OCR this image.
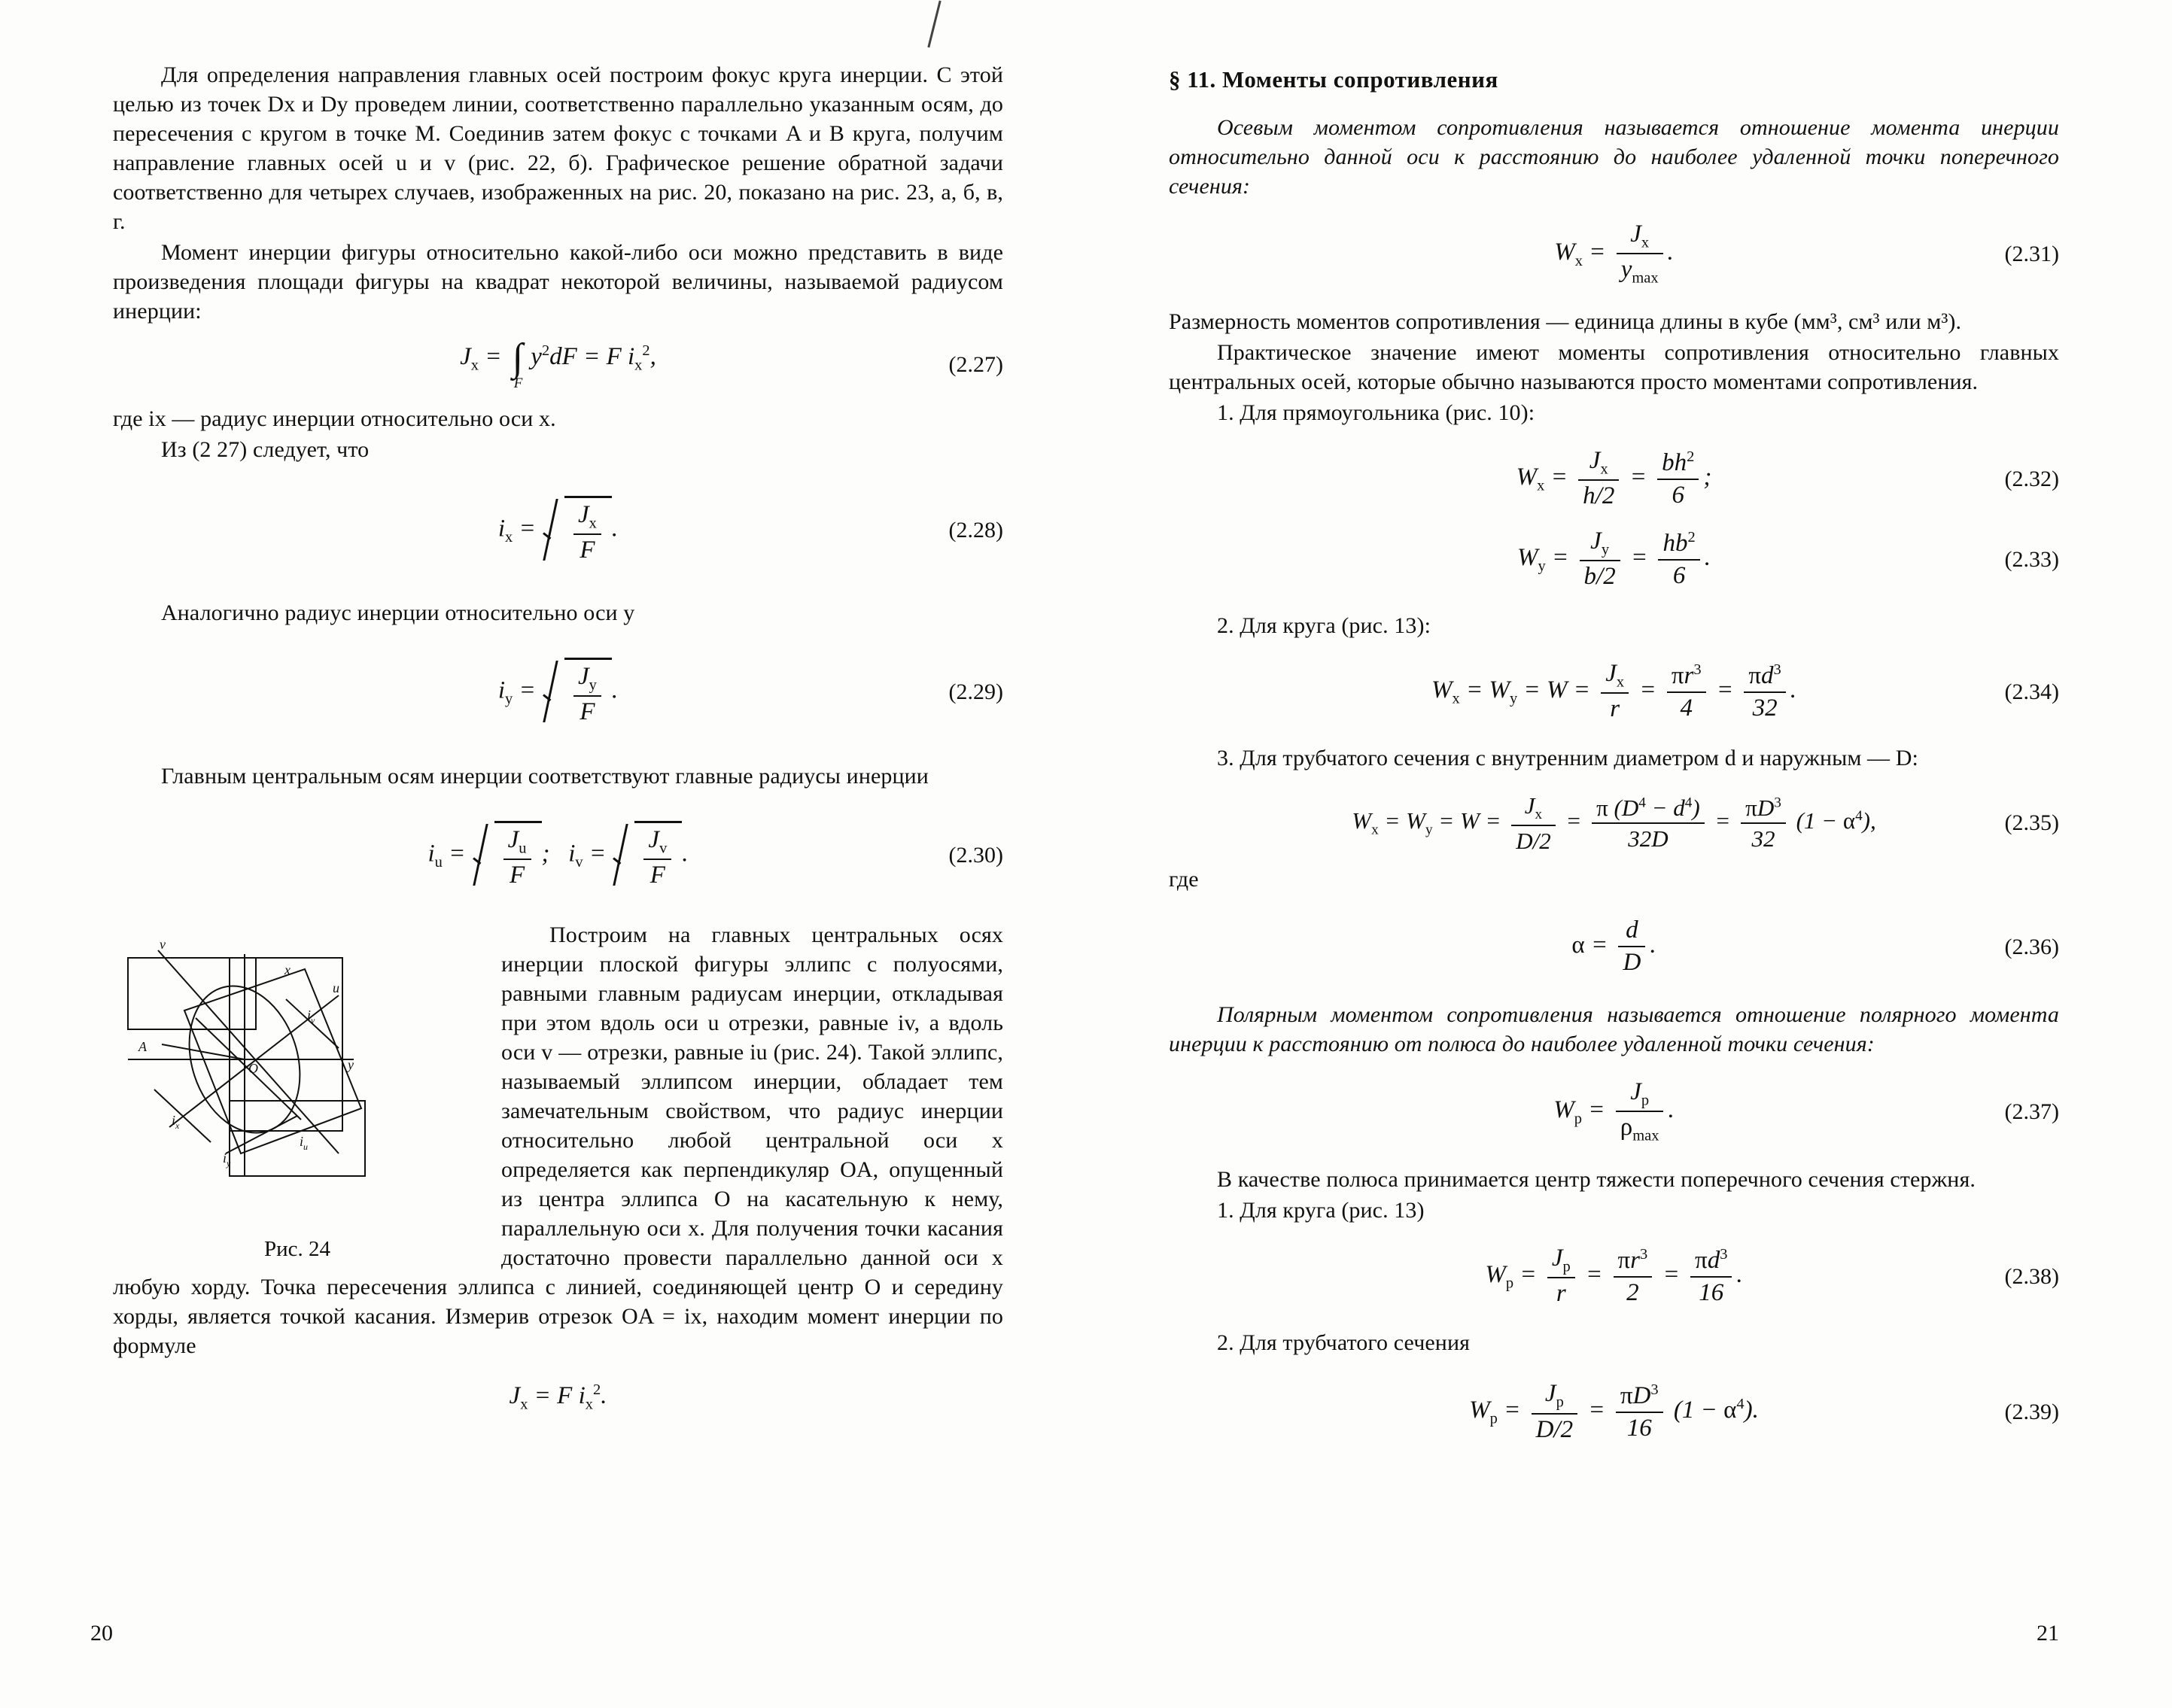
Для определения направления главных осей построим фокус круга инерции. С этой целью из точек Dx и Dy проведем линии, соответственно параллельно указанным осям, до пересечения с кругом в точке M. Соединив затем фокус с точками A и B круга, получим направление главных осей u и v (рис. 22, б). Графическое решение обратной задачи соответственно для четырех случаев, изображенных на рис. 20, показано на рис. 23, а, б, в, г.

Момент инерции фигуры относительно какой-либо оси можно представить в виде произведения площади фигуры на квадрат некоторой величины, называемой радиусом инерции:

$J_x$ = ∫
F
$y^2dF = F$ $i_x^2$,	(2.27)

где ix — радиус инерции относительно оси x.

Из (2 27) следует, что

$i_x = \frac{J_x}{F}$ .	(2.28)

Аналогично радиус инерции относительно оси y

$i_y = \frac{J_y}{F}$ .	(2.29)

Главным центральным осям инерции соответствуют главные радиусы инерции

$i_u = \frac{J_u}{F}$ ;   $i_v = \frac{J_v}{F}$ .	(2.30)
v
x
u
A
O
$i_x$
$i_y$
$i_u$
$i_v$
y
Рис. 24

Построим на главных центральных осях инерции плоской фигуры эллипс с полуосями, равными главным радиусам инерции, откладывая при этом вдоль оси u отрезки, равные iv, а вдоль оси v — отрезки, равные iu (рис. 24). Такой эллипс, называемый эллипсом инерции, обладает тем замечательным свойством, что радиус инерции относительно любой центральной оси x определяется как перпендикуляр OA, опущенный из центра эллипса O на касательную к нему, параллельную оси x. Для получения точки касания достаточно провести параллельно данной оси x любую хорду. Точка пересечения эллипса с линией, соединяющей центр O и середину хорды, является точкой касания. Измерив отрезок OA = ix, находим момент инерции по формуле

$J_x = F$ $i_x^2$.
20
§ 11. Моменты сопротивления

Осевым моментом сопротивления называется отношение момента инерции относительно данной оси к расстоянию до наиболее удаленной точки поперечного сечения:

$W_x = \frac{J_x}{y_{max}}$ .	(2.31)

Размерность моментов сопротивления — единица длины в кубе (мм³, см³ или м³).

Практическое значение имеют моменты сопротивления относительно главных центральных осей, которые обычно называются просто моментами сопротивления.

1. Для прямоугольника (рис. 10):

$W_x = \frac{J_x}{h/2} = \frac{bh^2}{6}$ ;	(2.32)
$W_y = \frac{J_y}{b/2} = \frac{hb^2}{6}$ .	(2.33)

2. Для круга (рис. 13):

$W_x = W_y = W = \frac{J_x}{r} = \frac{\pi r^3}{4} = \frac{\pi d^3}{32}$ .	(2.34)

3. Для трубчатого сечения с внутренним диаметром d и наружным — D:

$W_x = W_y = W = \frac{J_x}{D/2} = \frac{\pi (D^4 - d^4)}{32D} = \frac{\pi D^3}{32} (1 - \alpha^4)$,	(2.35)

где

$\alpha = \frac{d}{D}$ .	(2.36)

Полярным моментом сопротивления называется отношение полярного момента инерции к расстоянию от полюса до наиболее удаленной точки сечения:

$W_p = \frac{J_p}{\rho_{max}}$ .	(2.37)

В качестве полюса принимается центр тяжести поперечного сечения стержня.

1. Для круга (рис. 13)

$W_p = \frac{J_p}{r} = \frac{\pi r^3}{2} = \frac{\pi d^3}{16}$ .	(2.38)

2. Для трубчатого сечения

$W_p = \frac{J_p}{D/2} = \frac{\pi D^3}{16} (1 - \alpha^4)$.	(2.39)
21
